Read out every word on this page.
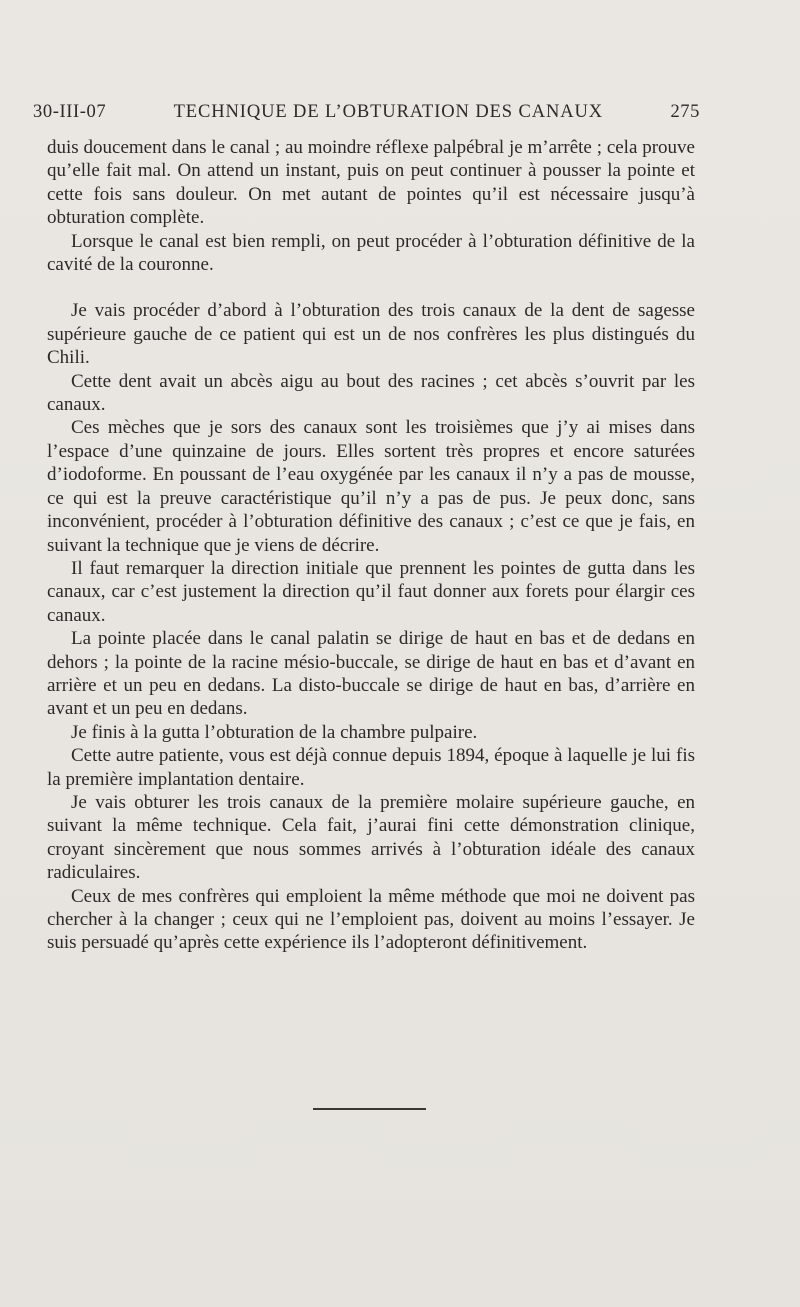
30-III-07	TECHNIQUE DE L’OBTURATION DES CANAUX	275

duis doucement dans le canal ; au moindre réflexe palpébral je m’arrête ; cela prouve qu’elle fait mal. On attend un instant, puis on peut continuer à pousser la pointe et cette fois sans douleur. On met autant de pointes qu’il est nécessaire jusqu’à obturation complète.

Lorsque le canal est bien rempli, on peut procéder à l’obturation définitive de la cavité de la couronne.

Je vais procéder d’abord à l’obturation des trois canaux de la dent de sagesse supérieure gauche de ce patient qui est un de nos confrères les plus distingués du Chili.

Cette dent avait un abcès aigu au bout des racines ; cet abcès s’ouvrit par les canaux.

Ces mèches que je sors des canaux sont les troisièmes que j’y ai mises dans l’espace d’une quinzaine de jours. Elles sortent très propres et encore saturées d’iodoforme. En poussant de l’eau oxygénée par les canaux il n’y a pas de mousse, ce qui est la preuve caractéristique qu’il n’y a pas de pus. Je peux donc, sans inconvénient, procéder à l’obturation définitive des canaux ; c’est ce que je fais, en suivant la technique que je viens de décrire.

Il faut remarquer la direction initiale que prennent les pointes de gutta dans les canaux, car c’est justement la direction qu’il faut donner aux forets pour élargir ces canaux.

La pointe placée dans le canal palatin se dirige de haut en bas et de dedans en dehors ; la pointe de la racine mésio-buccale, se dirige de haut en bas et d’avant en arrière et un peu en dedans. La disto-buccale se dirige de haut en bas, d’arrière en avant et un peu en dedans.

Je finis à la gutta l’obturation de la chambre pulpaire.

Cette autre patiente, vous est déjà connue depuis 1894, époque à laquelle je lui fis la première implantation dentaire.

Je vais obturer les trois canaux de la première molaire supérieure gauche, en suivant la même technique. Cela fait, j’aurai fini cette démonstration clinique, croyant sincèrement que nous sommes arrivés à l’obturation idéale des canaux radiculaires.

Ceux de mes confrères qui emploient la même méthode que moi ne doivent pas chercher à la changer ; ceux qui ne l’emploient pas, doivent au moins l’essayer. Je suis persuadé qu’après cette expérience ils l’adopteront définitivement.
